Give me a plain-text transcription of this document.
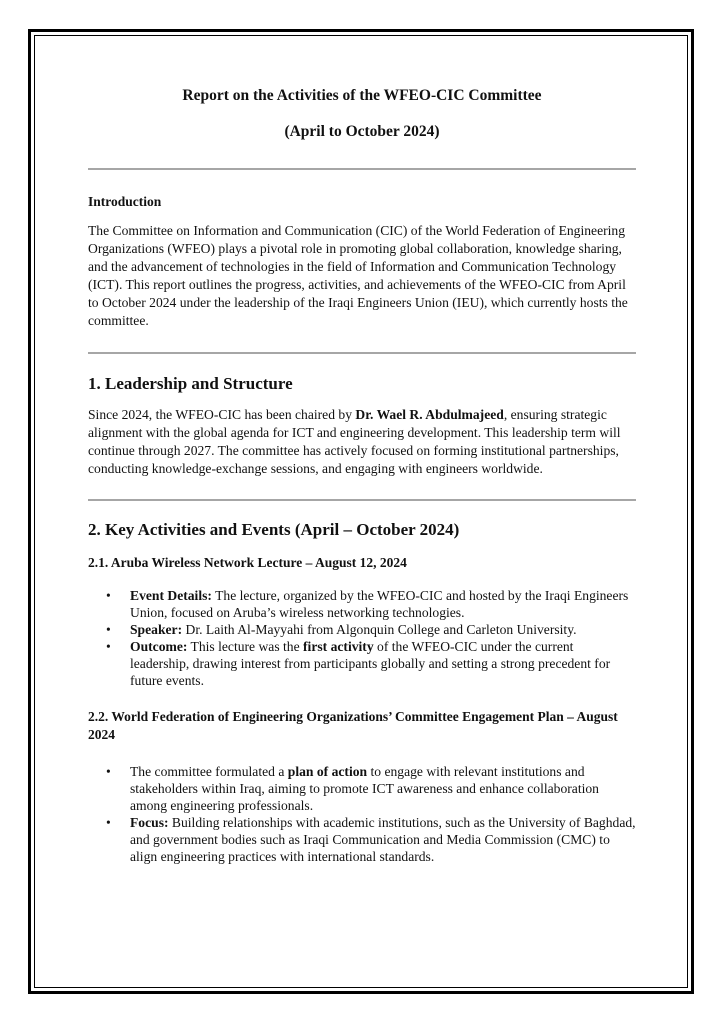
Report on the Activities of the WFEO-CIC Committee
(April to October 2024)
Introduction

The Committee on Information and Communication (CIC) of the World Federation of Engineering Organizations (WFEO) plays a pivotal role in promoting global collaboration, knowledge sharing, and the advancement of technologies in the field of Information and Communication Technology (ICT). This report outlines the progress, activities, and achievements of the WFEO-CIC from April to October 2024 under the leadership of the Iraqi Engineers Union (IEU), which currently hosts the committee.

1. Leadership and Structure

Since 2024, the WFEO-CIC has been chaired by Dr. Wael R. Abdulmajeed, ensuring strategic alignment with the global agenda for ICT and engineering development. This leadership term will continue through 2027. The committee has actively focused on forming institutional partnerships, conducting knowledge-exchange sessions, and engaging with engineers worldwide.

2. Key Activities and Events (April – October 2024)
2.1. Aruba Wireless Network Lecture – August 12, 2024
• Event Details: The lecture, organized by the WFEO-CIC and hosted by the Iraqi Engineers Union, focused on Aruba’s wireless networking technologies.
• Speaker: Dr. Laith Al-Mayyahi from Algonquin College and Carleton University.
• Outcome: This lecture was the first activity of the WFEO-CIC under the current leadership, drawing interest from participants globally and setting a strong precedent for future events.
2.2. World Federation of Engineering Organizations’ Committee Engagement Plan – August 2024
• The committee formulated a plan of action to engage with relevant institutions and stakeholders within Iraq, aiming to promote ICT awareness and enhance collaboration among engineering professionals.
• Focus: Building relationships with academic institutions, such as the University of Baghdad, and government bodies such as Iraqi Communication and Media Commission (CMC) to align engineering practices with international standards.
